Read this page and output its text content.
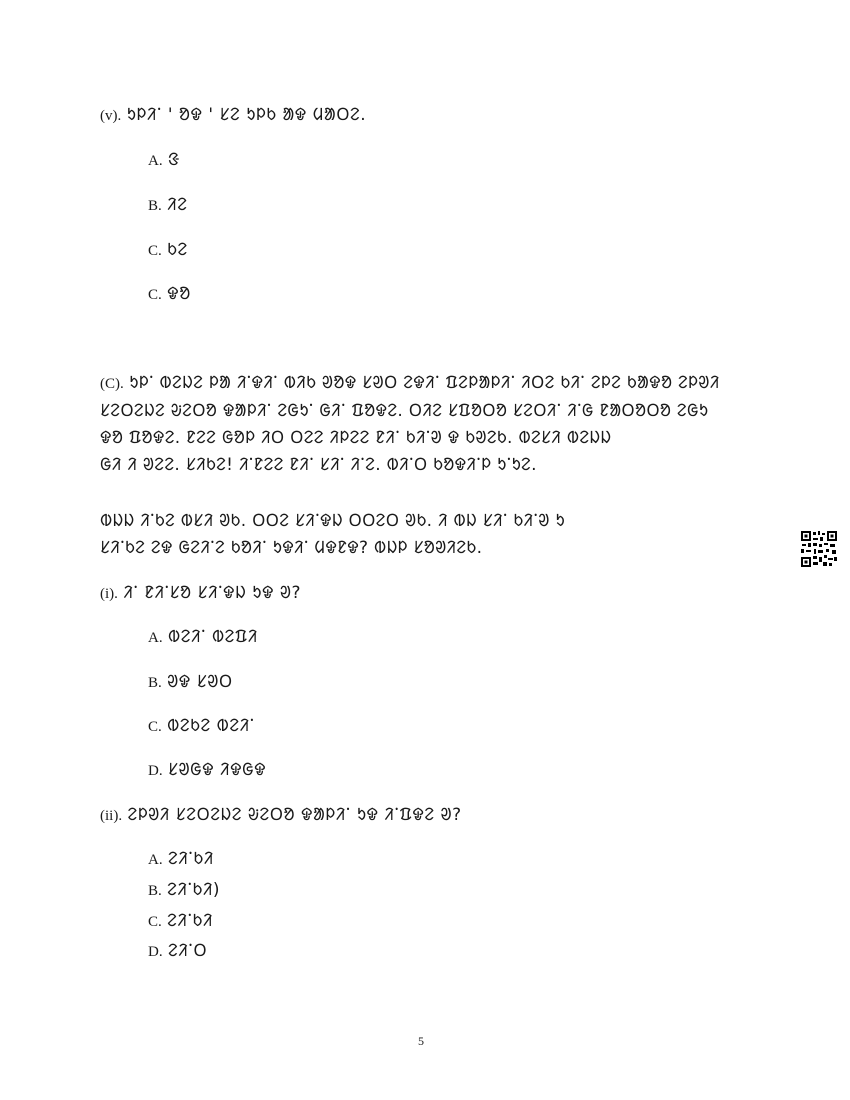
(v). ᱩᱞᱤᱸ ' ᱚᱫ ' ᱥᱮ ᱩᱞᱠ ᱟᱫ ᱢᱟᱛᱮ.
A. ᱝ
B. ᱤᱮ
C. ᱠᱮ
C. ᱫᱚ
(C). ᱩᱞᱸ ᱵᱮᱡᱮ ᱞᱟ ᱤᱸᱫᱤᱸ ᱵᱤᱠ ᱣᱚᱫ ᱥᱣᱛ ᱮᱫᱤᱸ ᱯᱮᱞᱟᱞᱤᱸ ᱤᱛᱮ ᱠᱤᱸ ᱮᱞᱮ ᱠᱟᱫᱚ ᱮᱞᱣᱤ
ᱥᱮᱛᱮᱡᱮ ᱶᱮᱛᱚ ᱫᱟᱞᱤᱸ ᱮᱜᱩᱸ ᱜᱤᱸ ᱯᱚᱫᱮ. ᱛᱤᱮ ᱥᱯᱚᱛᱚ ᱥᱮᱛᱤᱸ ᱤᱸᱜ ᱱᱟᱛᱚᱛᱚ ᱮᱜᱩ
ᱫᱚ ᱯᱚᱫᱮ. ᱱᱮᱮ ᱜᱚᱞ ᱤᱛ ᱛᱮᱮ ᱤᱞᱮᱮ ᱱᱤᱸ ᱠᱤᱸᱣ ᱫ ᱠᱣᱮᱠ. ᱵᱮᱥᱤ ᱵᱮᱡᱡ
ᱜᱤ ᱤ ᱣᱮᱮ. ᱥᱤᱠᱮ! ᱤᱸᱱᱮᱮ ᱱᱤᱸ ᱥᱤᱸ ᱤᱸᱮ. ᱵᱤᱸᱛ ᱠᱚᱫᱤᱸᱞ ᱩᱸᱩᱮ.
ᱵᱡᱡ ᱤᱸᱠᱮ ᱵᱥᱤ ᱣᱠ. ᱛᱛᱮ ᱥᱤᱸᱫᱡ ᱛᱛᱮᱛ ᱣᱠ. ᱤ ᱵᱡ ᱥᱤᱸ ᱠᱤᱸᱣ ᱩ
ᱥᱤᱸᱠᱮ ᱮᱫ ᱜᱮᱤᱸᱮ ᱠᱚᱤᱸ ᱩᱫᱤᱸ ᱢᱫᱱᱫ? ᱵᱡᱞ ᱥᱚᱣᱤᱮᱠ.
(i). ᱤᱸ ᱱᱤᱸᱥᱚ ᱥᱤᱸᱫᱡ ᱩᱫ ᱣ?
A. ᱵᱮᱤᱸ ᱵᱮᱯᱤ
B. ᱣᱫ ᱥᱣᱛ
C. ᱵᱮᱠᱮ ᱵᱮᱤᱸ
D. ᱥᱣᱜᱫ ᱤᱫᱜᱫ
(ii). ᱮᱞᱣᱤ ᱥᱮᱛᱮᱡᱮ ᱶᱮᱛᱚ ᱫᱟᱞᱤᱸ ᱩᱫ ᱤᱸᱯᱫᱮ ᱣ?
A. ᱮᱤᱸᱠᱤ
B. ᱮᱤᱸᱠᱤ)
C. ᱮᱤᱸᱠᱤ
D. ᱮᱤᱸᱛ
5
